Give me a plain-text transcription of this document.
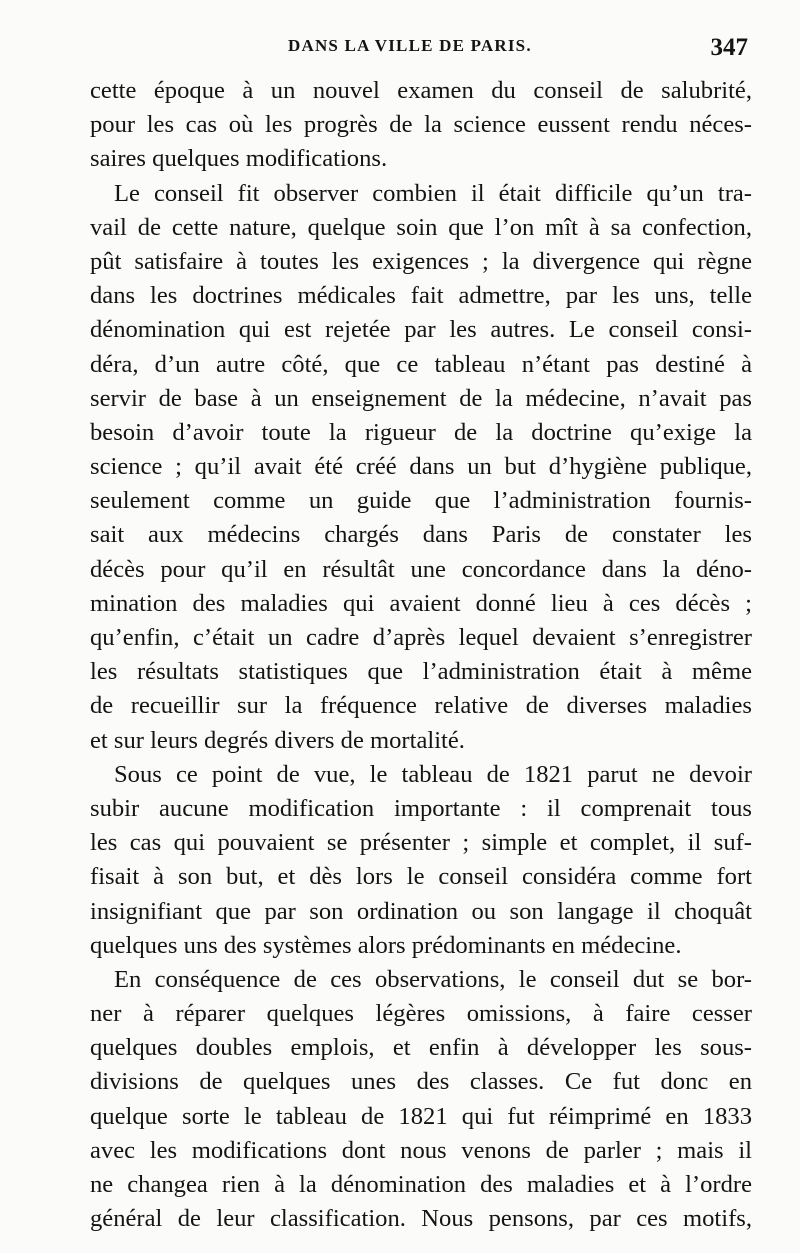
DANS LA VILLE DE PARIS.	347
cette époque à un nouvel examen du conseil de salubrité,
pour les cas où les progrès de la science eussent rendu néces-
saires quelques modifications.
Le conseil fit observer combien il était difficile qu’un tra-
vail de cette nature, quelque soin que l’on mît à sa confection,
pût satisfaire à toutes les exigences ; la divergence qui règne
dans les doctrines médicales fait admettre, par les uns, telle
dénomination qui est rejetée par les autres. Le conseil consi-
déra, d’un autre côté, que ce tableau n’étant pas destiné à
servir de base à un enseignement de la médecine, n’avait pas
besoin d’avoir toute la rigueur de la doctrine qu’exige la
science ; qu’il avait été créé dans un but d’hygiène publique,
seulement comme un guide que l’administration fournis-
sait aux médecins chargés dans Paris de constater les
décès pour qu’il en résultât une concordance dans la déno-
mination des maladies qui avaient donné lieu à ces décès ;
qu’enfin, c’était un cadre d’après lequel devaient s’enregistrer
les résultats statistiques que l’administration était à même
de recueillir sur la fréquence relative de diverses maladies
et sur leurs degrés divers de mortalité.
Sous ce point de vue, le tableau de 1821 parut ne devoir
subir aucune modification importante : il comprenait tous
les cas qui pouvaient se présenter ; simple et complet, il suf-
fisait à son but, et dès lors le conseil considéra comme fort
insignifiant que par son ordination ou son langage il choquât
quelques uns des systèmes alors prédominants en médecine.
En conséquence de ces observations, le conseil dut se bor-
ner à réparer quelques légères omissions, à faire cesser
quelques doubles emplois, et enfin à développer les sous-
divisions de quelques unes des classes. Ce fut donc en
quelque sorte le tableau de 1821 qui fut réimprimé en 1833
avec les modifications dont nous venons de parler ; mais il
ne changea rien à la dénomination des maladies et à l’ordre
général de leur classification. Nous pensons, par ces motifs,
